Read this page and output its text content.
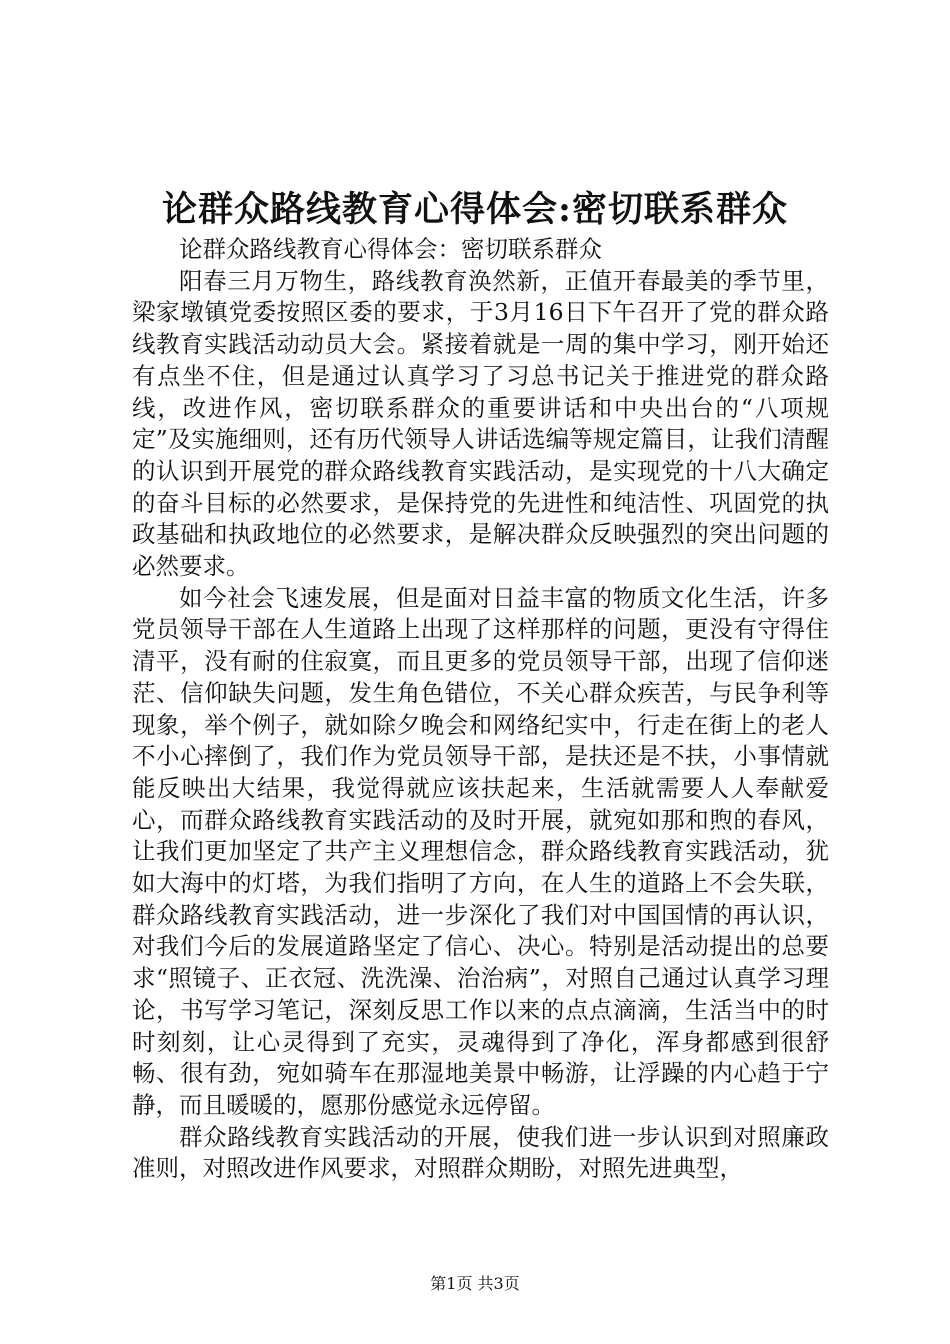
论群众路线教育心得体会:密切联系群众

论群众路线教育心得体会：密切联系群众

阳春三月万物生，路线教育涣然新，正值开春最美的季节里，梁家墩镇党委按照区委的要求，于3月16日下午召开了党的群众路线教育实践活动动员大会。紧接着就是一周的集中学习，刚开始还有点坐不住，但是通过认真学习了习总书记关于推进党的群众路线，改进作风，密切联系群众的重要讲话和中央出台的“八项规定”及实施细则，还有历代领导人讲话选编等规定篇目，让我们清醒的认识到开展党的群众路线教育实践活动，是实现党的十八大确定的奋斗目标的必然要求，是保持党的先进性和纯洁性、巩固党的执政基础和执政地位的必然要求，是解决群众反映强烈的突出问题的必然要求。

如今社会飞速发展，但是面对日益丰富的物质文化生活，许多党员领导干部在人生道路上出现了这样那样的问题，更没有守得住清平，没有耐的住寂寞，而且更多的党员领导干部，出现了信仰迷茫、信仰缺失问题，发生角色错位，不关心群众疾苦，与民争利等现象，举个例子，就如除夕晚会和网络纪实中，行走在街上的老人不小心摔倒了，我们作为党员领导干部，是扶还是不扶，小事情就能反映出大结果，我觉得就应该扶起来，生活就需要人人奉献爱心，而群众路线教育实践活动的及时开展，就宛如那和煦的春风，让我们更加坚定了共产主义理想信念，群众路线教育实践活动，犹如大海中的灯塔，为我们指明了方向，在人生的道路上不会失联，群众路线教育实践活动，进一步深化了我们对中国国情的再认识，对我们今后的发展道路坚定了信心、决心。特别是活动提出的总要求“照镜子、正衣冠、洗洗澡、治治病”，对照自己通过认真学习理论，书写学习笔记，深刻反思工作以来的点点滴滴，生活当中的时时刻刻，让心灵得到了充实，灵魂得到了净化，浑身都感到很舒畅、很有劲，宛如骑车在那湿地美景中畅游，让浮躁的内心趋于宁静，而且暖暖的，愿那份感觉永远停留。

群众路线教育实践活动的开展，使我们进一步认识到对照廉政准则，对照改进作风要求，对照群众期盼，对照先进典型，

第1页 共3页
